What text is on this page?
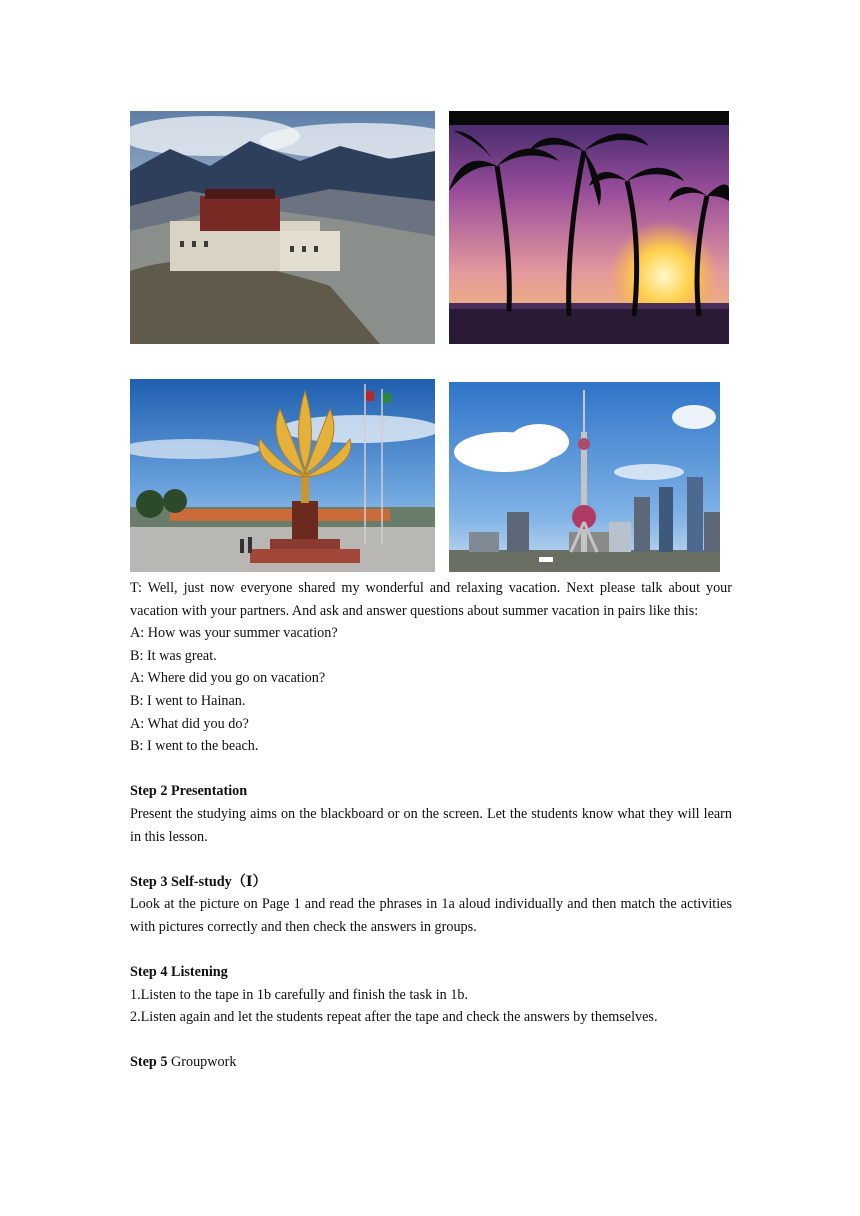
T: Well, just now everyone shared my wonderful and relaxing vacation. Next please talk about your vacation with your partners. And ask and answer questions about summer vacation in pairs like this:

A: How was your summer vacation?

B: It was great.

A: Where did you go on vacation?

B: I went to Hainan.

A: What did you do?

B: I went to the beach.

Step 2 Presentation

Present the studying aims on the blackboard or on the screen. Let the students know what they will learn in this lesson.

Step 3 Self-study（Ⅰ）

Look at the picture on Page 1 and read the phrases in 1a aloud individually and then match the activities with pictures correctly and then check the answers in groups.

Step 4 Listening

1.Listen to the tape in 1b carefully and finish the task in 1b.

2.Listen again and let the students repeat after the tape and check the answers by themselves.

Step 5 Groupwork
